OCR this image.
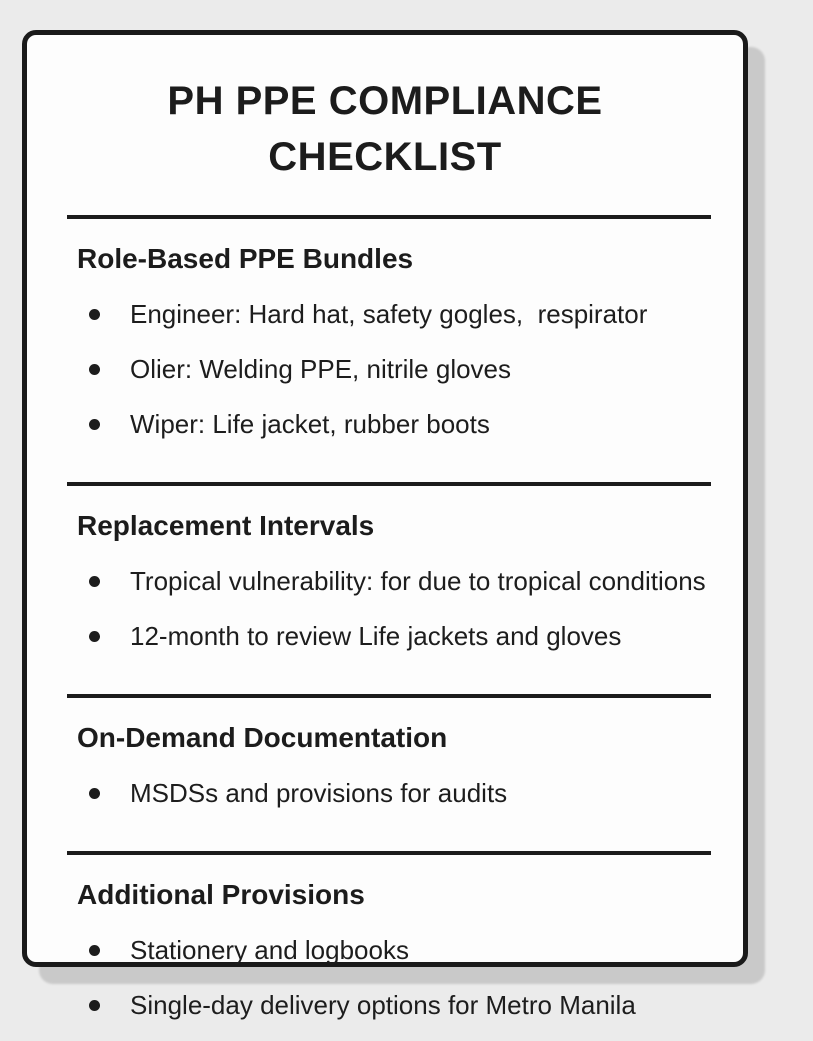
PH PPE COMPLIANCE CHECKLIST
Role-Based PPE Bundles
Engineer: Hard hat, safety gogles,  respirator
Olier: Welding PPE, nitrile gloves
Wiper: Life jacket, rubber boots
Replacement Intervals
Tropical vulnerability: for due to tropical conditions
12-month to review Life jackets and gloves
On-Demand Documentation
MSDSs and provisions for audits
Additional Provisions
Stationery and logbooks
Single-day delivery options for Metro Manila
